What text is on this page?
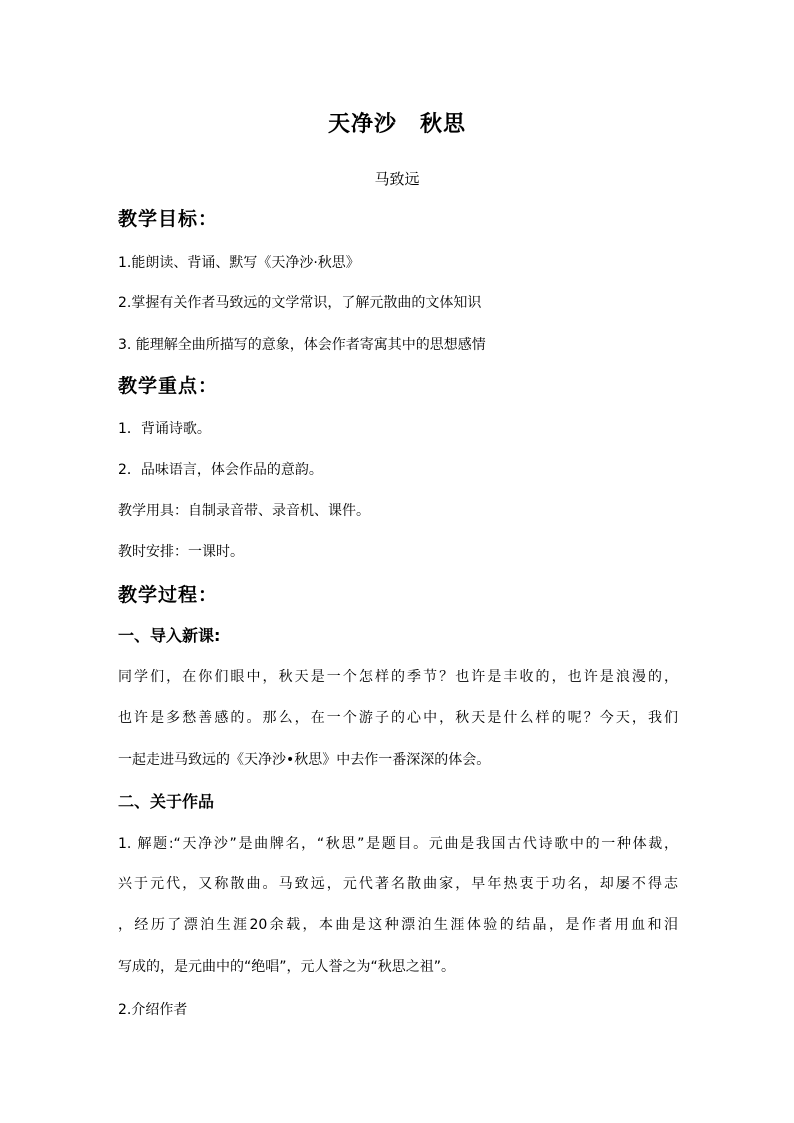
天净沙　秋思
马致远
教学目标：
1.能朗读、背诵、默写《天净沙·秋思》
2.掌握有关作者马致远的文学常识，了解元散曲的文体知识
3. 能理解全曲所描写的意象，体会作者寄寓其中的思想感情
教学重点：
1．背诵诗歌。
2．品味语言，体会作品的意韵。
教学用具：自制录音带、录音机、课件。
教时安排：一课时。
教学过程：
一、导入新课:
同学们，在你们眼中，秋天是一个怎样的季节？也许是丰收的，也许是浪漫的，
也许是多愁善感的。那么，在一个游子的心中，秋天是什么样的呢？今天，我们
一起走进马致远的《天净沙•秋思》中去作一番深深的体会。
二、关于作品
1. 解题:“天净沙”是曲牌名，“秋思”是题目。元曲是我国古代诗歌中的一种体裁，
兴于元代，又称散曲。马致远，元代著名散曲家，早年热衷于功名，却屡不得志
，经历了漂泊生涯20余载，本曲是这种漂泊生涯体验的结晶，是作者用血和泪
写成的，是元曲中的“绝唱”，元人誉之为“秋思之祖”。
2.介绍作者
